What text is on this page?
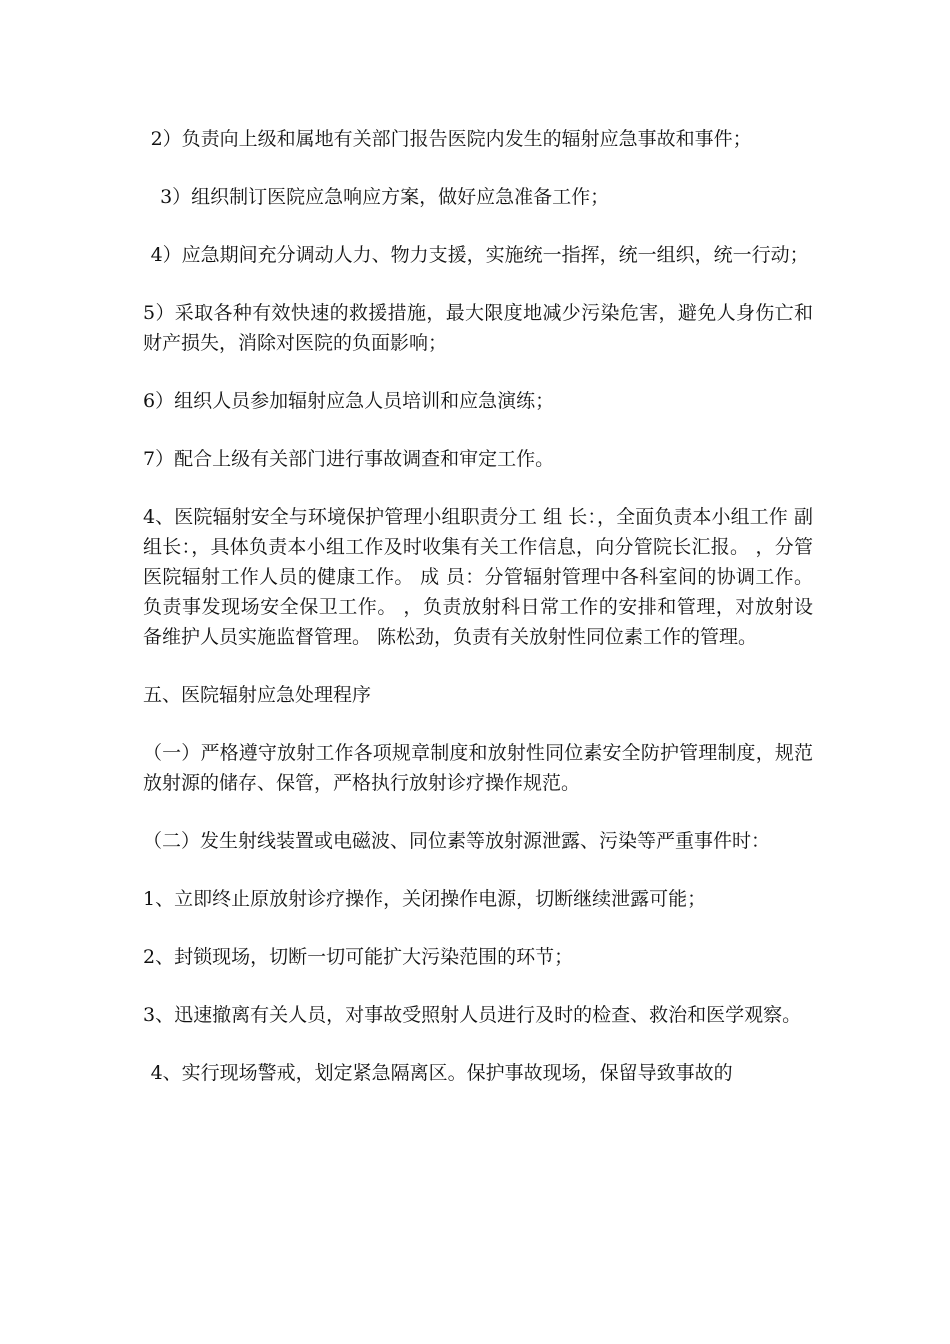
2）负责向上级和属地有关部门报告医院内发生的辐射应急事故和事件；

3）组织制订医院应急响应方案，做好应急准备工作；

4）应急期间充分调动人力、物力支援，实施统一指挥，统一组织，统一行动；

5）采取各种有效快速的救援措施，最大限度地减少污染危害，避免人身伤亡和财产损失，消除对医院的负面影响；

6）组织人员参加辐射应急人员培训和应急演练；

7）配合上级有关部门进行事故调查和审定工作。

4、医院辐射安全与环境保护管理小组职责分工 组 长：，全面负责本小组工作 副组长：，具体负责本小组工作及时收集有关工作信息，向分管院长汇报。 ，分管医院辐射工作人员的健康工作。 成 员：分管辐射管理中各科室间的协调工作。 负责事发现场安全保卫工作。 ，负责放射科日常工作的安排和管理，对放射设备维护人员实施监督管理。 陈松劲，负责有关放射性同位素工作的管理。

五、医院辐射应急处理程序

（一）严格遵守放射工作各项规章制度和放射性同位素安全防护管理制度，规范放射源的储存、保管，严格执行放射诊疗操作规范。

（二）发生射线装置或电磁波、同位素等放射源泄露、污染等严重事件时：

1、立即终止原放射诊疗操作，关闭操作电源，切断继续泄露可能；

2、封锁现场，切断一切可能扩大污染范围的环节；

3、迅速撤离有关人员，对事故受照射人员进行及时的检查、救治和医学观察。

4、实行现场警戒，划定紧急隔离区。保护事故现场，保留导致事故的
